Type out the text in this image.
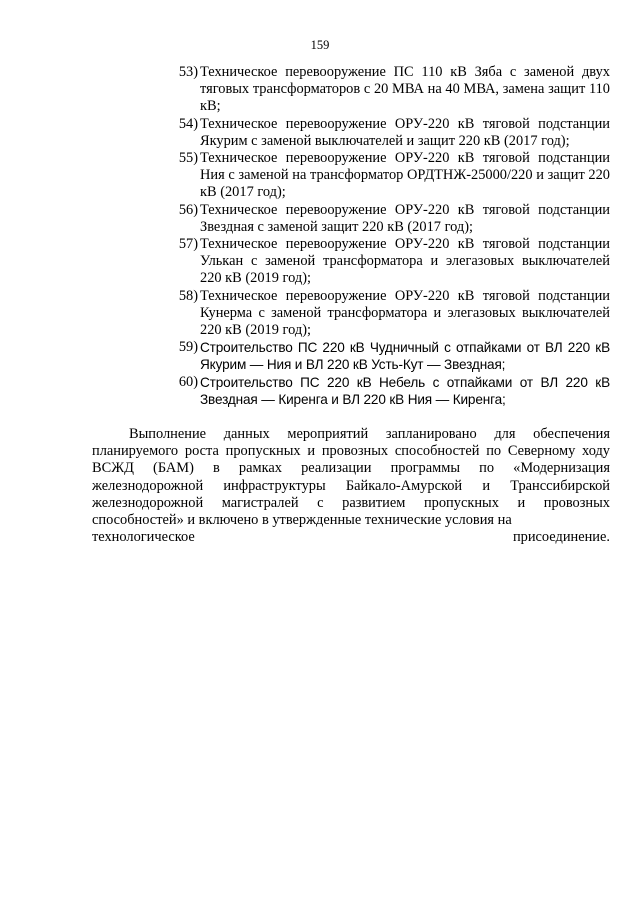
159
53) Техническое перевооружение ПС 110 кВ Зяба с заменой двух тяговых трансформаторов с 20 МВА на 40 МВА, замена защит 110 кВ;
54) Техническое перевооружение ОРУ-220 кВ тяговой подстанции Якурим с заменой выключателей и защит 220 кВ (2017 год);
55) Техническое перевооружение ОРУ-220 кВ тяговой подстанции Ния с заменой на трансформатор ОРДТНЖ-25000/220 и защит 220 кВ (2017 год);
56) Техническое перевооружение ОРУ-220 кВ тяговой подстанции Звездная с заменой защит 220 кВ (2017 год);
57) Техническое перевооружение ОРУ-220 кВ тяговой подстанции Улькан с заменой трансформатора и элегазовых выключателей 220 кВ (2019 год);
58) Техническое перевооружение ОРУ-220 кВ тяговой подстанции Кунерма с заменой трансформатора и элегазовых выключателей 220 кВ (2019 год);
59) Строительство ПС 220 кВ Чудничный с отпайками от ВЛ 220 кВ Якурим — Ния и ВЛ 220 кВ Усть-Кут — Звездная;
60) Строительство ПС 220 кВ Небель с отпайками от ВЛ 220 кВ Звездная — Киренга и ВЛ 220 кВ Ния — Киренга;

Выполнение данных мероприятий запланировано для обеспечения планируемого роста пропускных и провозных способностей по Северному ходу ВСЖД (БАМ) в рамках реализации программы по «Модернизация железнодорожной инфраструктуры Байкало-Амурской и Транссибирской железнодорожной магистралей с развитием пропускных и провозных способностей» и включено в утвержденные технические условия на

технологическое	присоединение.
